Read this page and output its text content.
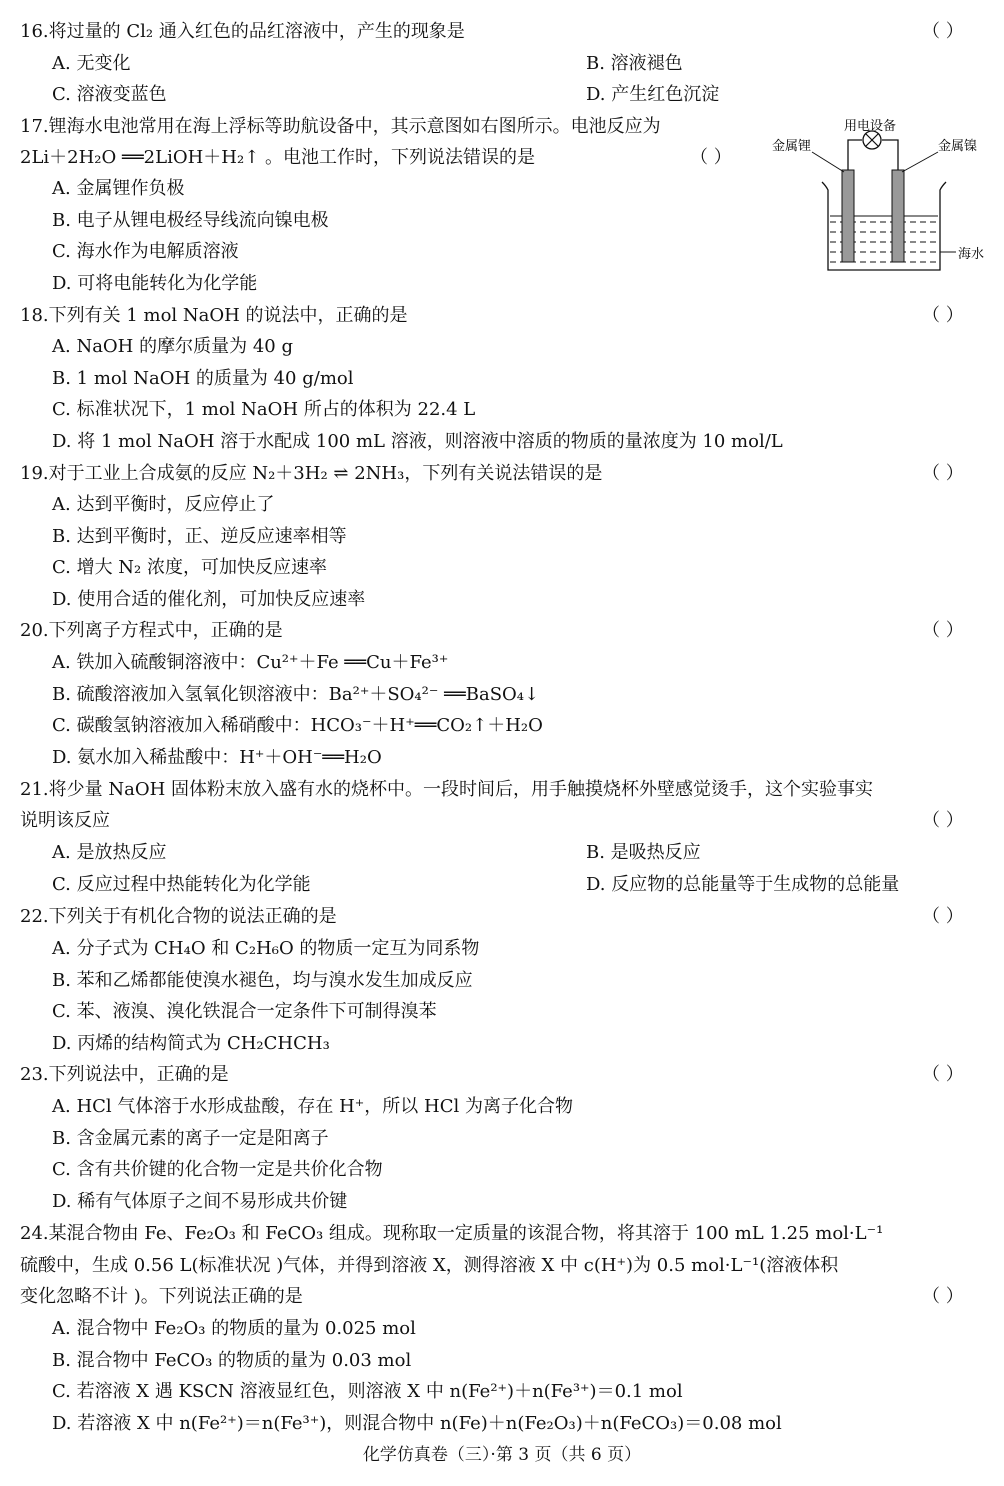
16.将过量的 Cl₂ 通入红色的品红溶液中，产生的现象是	（ ）
A. 无变化	B. 溶液褪色
C. 溶液变蓝色	D. 产生红色沉淀
17.锂海水电池常用在海上浮标等助航设备中，其示意图如右图所示。电池反应为
2Li＋2H₂O ══2LiOH＋H₂↑ 。电池工作时，下列说法错误的是	（ ）
A. 金属锂作负极
B. 电子从锂电极经导线流向镍电极
C. 海水作为电解质溶液
D. 可将电能转化为化学能
用电设备
金属锂	金属镍
海水
18.下列有关 1 mol NaOH 的说法中，正确的是	（ ）
A. NaOH 的摩尔质量为 40 g
B. 1 mol NaOH 的质量为 40 g/mol
C. 标准状况下，1 mol NaOH 所占的体积为 22.4 L
D. 将 1 mol NaOH 溶于水配成 100 mL 溶液，则溶液中溶质的物质的量浓度为 10 mol/L
19.对于工业上合成氨的反应 N₂＋3H₂ ⇌ 2NH₃，下列有关说法错误的是	（ ）
A. 达到平衡时，反应停止了
B. 达到平衡时，正、逆反应速率相等
C. 增大 N₂ 浓度，可加快反应速率
D. 使用合适的催化剂，可加快反应速率
20.下列离子方程式中，正确的是	（ ）
A. 铁加入硫酸铜溶液中：Cu²⁺＋Fe ══Cu＋Fe³⁺
B. 硫酸溶液加入氢氧化钡溶液中：Ba²⁺＋SO₄²⁻ ══BaSO₄↓
C. 碳酸氢钠溶液加入稀硝酸中：HCO₃⁻＋H⁺══CO₂↑＋H₂O
D. 氨水加入稀盐酸中：H⁺＋OH⁻══H₂O
21.将少量 NaOH 固体粉末放入盛有水的烧杯中。一段时间后，用手触摸烧杯外壁感觉烫手，这个实验事实
说明该反应	（ ）
A. 是放热反应	B. 是吸热反应
C. 反应过程中热能转化为化学能	D. 反应物的总能量等于生成物的总能量
22.下列关于有机化合物的说法正确的是	（ ）
A. 分子式为 CH₄O 和 C₂H₆O 的物质一定互为同系物
B. 苯和乙烯都能使溴水褪色，均与溴水发生加成反应
C. 苯、液溴、溴化铁混合一定条件下可制得溴苯
D. 丙烯的结构简式为 CH₂CHCH₃
23.下列说法中，正确的是	（ ）
A. HCl 气体溶于水形成盐酸，存在 H⁺，所以 HCl 为离子化合物
B. 含金属元素的离子一定是阳离子
C. 含有共价键的化合物一定是共价化合物
D. 稀有气体原子之间不易形成共价键
24.某混合物由 Fe、Fe₂O₃ 和 FeCO₃ 组成。现称取一定质量的该混合物，将其溶于 100 mL 1.25 mol·L⁻¹
硫酸中，生成 0.56 L(标准状况 )气体，并得到溶液 X，测得溶液 X 中 c(H⁺)为 0.5 mol·L⁻¹(溶液体积
变化忽略不计 )。下列说法正确的是	（ ）
A. 混合物中 Fe₂O₃ 的物质的量为 0.025 mol
B. 混合物中 FeCO₃ 的物质的量为 0.03 mol
C. 若溶液 X 遇 KSCN 溶液显红色，则溶液 X 中 n(Fe²⁺)＋n(Fe³⁺)＝0.1 mol
D. 若溶液 X 中 n(Fe²⁺)＝n(Fe³⁺)，则混合物中 n(Fe)＋n(Fe₂O₃)＋n(FeCO₃)＝0.08 mol
化学仿真卷（三）·第 3 页（共 6 页）
